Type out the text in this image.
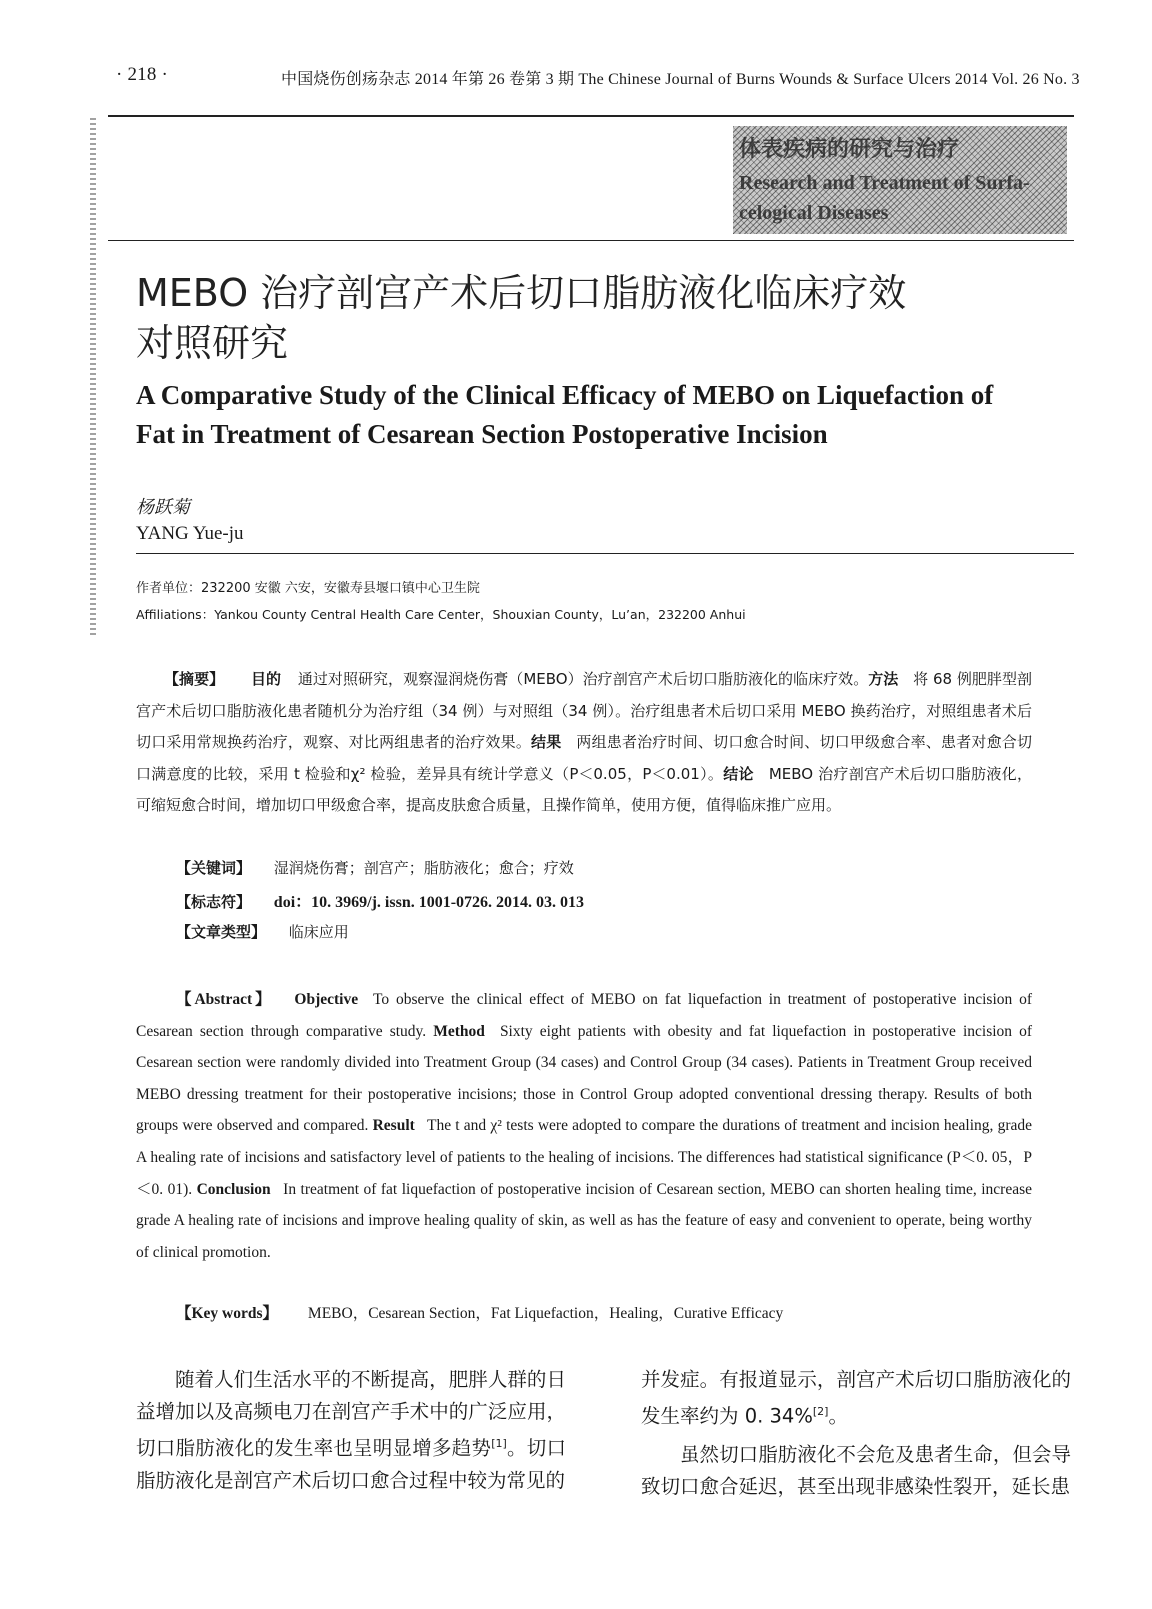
· 218 ·	中国烧伤创疡杂志 2014 年第 26 卷第 3 期 The Chinese Journal of Burns Wounds & Surface Ulcers 2014 Vol. 26 No. 3
体表疾病的研究与治疗
Research and Treatment of Surfa-
celogical Diseases
MEBO 治疗剖宫产术后切口脂肪液化临床疗效
对照研究
A Comparative Study of the Clinical Efficacy of MEBO on Liquefaction of
Fat in Treatment of Cesarean Section Postoperative Incision
杨跃菊
YANG Yue-ju
作者单位：232200 安徽 六安，安徽寿县堰口镇中心卫生院
Affiliations：Yankou County Central Health Care Center，Shouxian County，Lu’an，232200 Anhui
【摘要】 目的 通过对照研究，观察湿润烧伤膏（MEBO）治疗剖宫产术后切口脂肪液化的临床疗效。方法 将 68 例肥胖型剖宫产术后切口脂肪液化患者随机分为治疗组（34 例）与对照组（34 例）。治疗组患者术后切口采用 MEBO 换药治疗，对照组患者术后切口采用常规换药治疗，观察、对比两组患者的治疗效果。结果 两组患者治疗时间、切口愈合时间、切口甲级愈合率、患者对愈合切口满意度的比较，采用 t 检验和χ² 检验，差异具有统计学意义（P＜0.05，P＜0.01）。结论 MEBO 治疗剖宫产术后切口脂肪液化，可缩短愈合时间，增加切口甲级愈合率，提高皮肤愈合质量，且操作简单，使用方便，值得临床推广应用。
【关键词】 湿润烧伤膏；剖宫产；脂肪液化；愈合；疗效
【标志符】 doi：10. 3969/j. issn. 1001-0726. 2014. 03. 013
【文章类型】 临床应用
【Abstract】 Objective To observe the clinical effect of MEBO on fat liquefaction in treatment of postoperative incision of Cesarean section through comparative study. Method Sixty eight patients with obesity and fat liquefaction in postoperative incision of Cesarean section were randomly divided into Treatment Group (34 cases) and Control Group (34 cases). Patients in Treatment Group received MEBO dressing treatment for their postoperative incisions; those in Control Group adopted conventional dressing therapy. Results of both groups were observed and compared. Result The t and χ² tests were adopted to compare the durations of treatment and incision healing, grade A healing rate of incisions and satisfactory level of patients to the healing of incisions. The differences had statistical significance (P＜0. 05，P＜0. 01). Conclusion In treatment of fat liquefaction of postoperative incision of Cesarean section, MEBO can shorten healing time, increase grade A healing rate of incisions and improve healing quality of skin, as well as has the feature of easy and convenient to operate, being worthy of clinical promotion.
【Key words】 MEBO，Cesarean Section，Fat Liquefaction，Healing，Curative Efficacy
随着人们生活水平的不断提高，肥胖人群的日益增加以及高频电刀在剖宫产手术中的广泛应用，切口脂肪液化的发生率也呈明显增多趋势[1]。切口脂肪液化是剖宫产术后切口愈合过程中较为常见的
并发症。有报道显示，剖宫产术后切口脂肪液化的发生率约为 0. 34%[2]。
虽然切口脂肪液化不会危及患者生命，但会导致切口愈合延迟，甚至出现非感染性裂开，延长患
